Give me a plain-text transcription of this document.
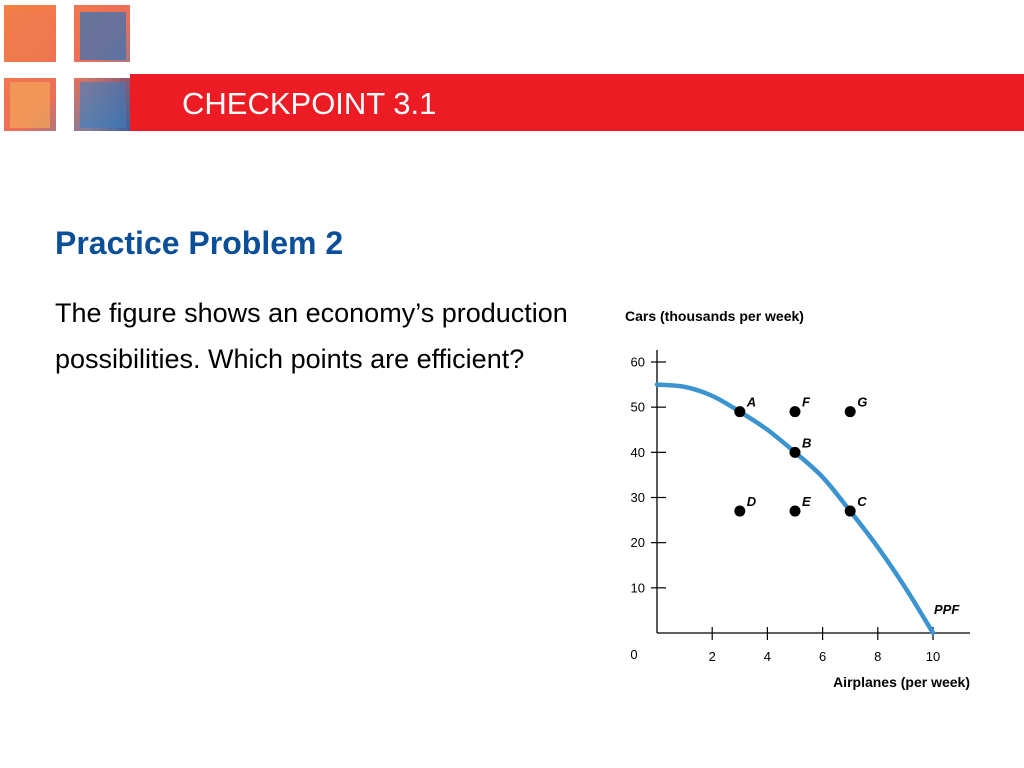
CHECKPOINT 3.1
Practice Problem 2
The figure shows an economy’s production possibilities. Which points are efficient?
10
20
30
40
50
60
2	4	6	8	10
0
Cars (thousands per week)
Airplanes (per week)
PPF
A	F	G
B
D	E	C
